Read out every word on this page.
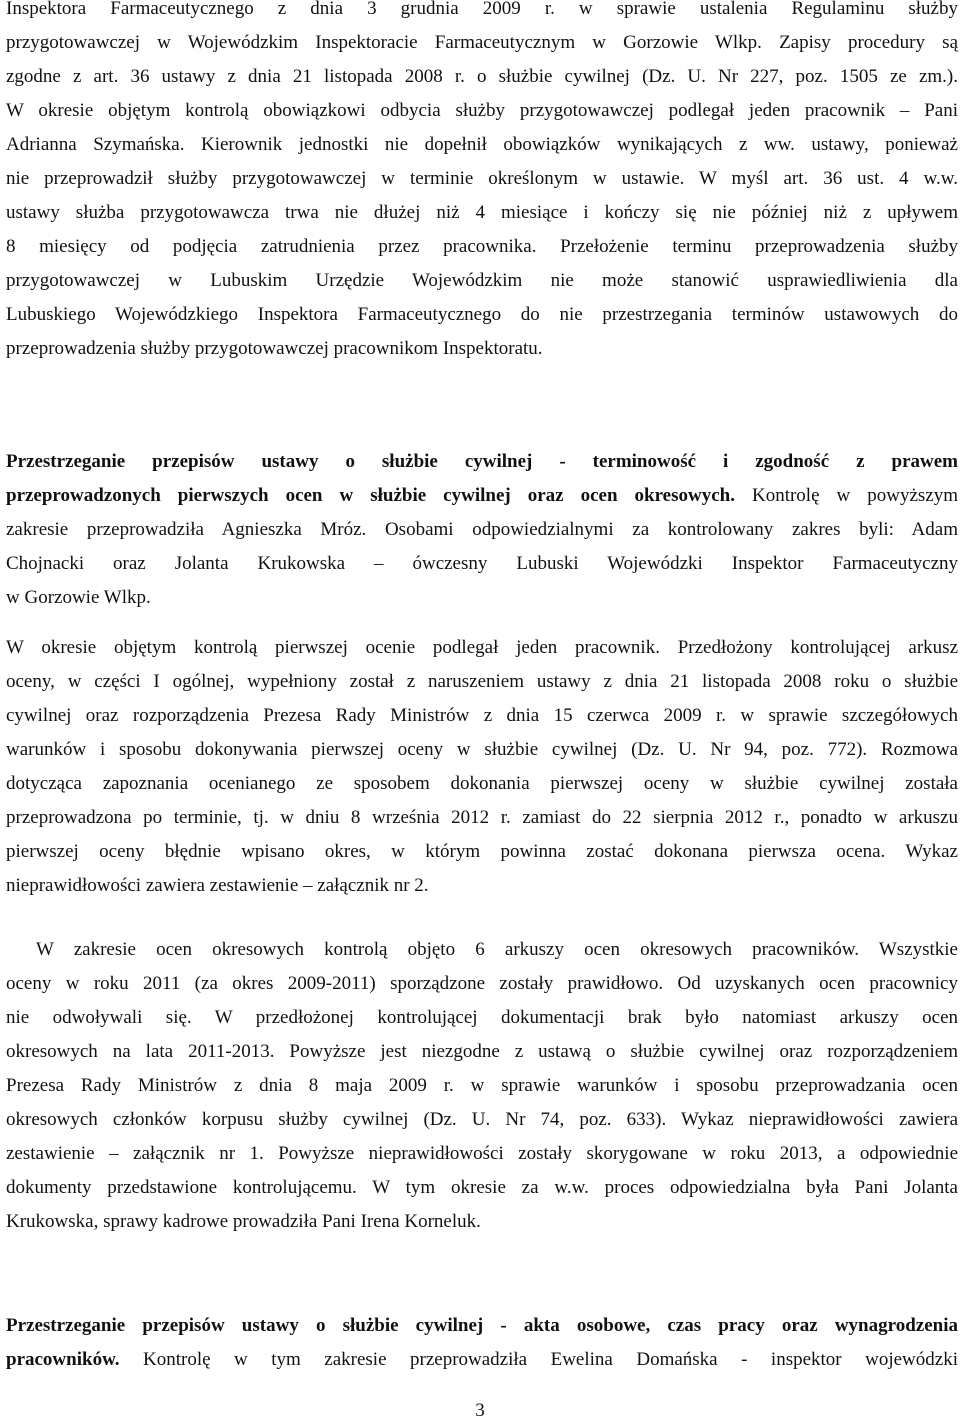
Inspektora Farmaceutycznego z dnia 3 grudnia 2009 r. w sprawie ustalenia Regulaminu służby
przygotowawczej w Wojewódzkim Inspektoracie Farmaceutycznym w Gorzowie Wlkp. Zapisy procedury są
zgodne z art. 36 ustawy z dnia 21 listopada 2008 r. o służbie cywilnej (Dz. U. Nr 227, poz. 1505 ze zm.).
W okresie objętym kontrolą obowiązkowi odbycia służby przygotowawczej podlegał jeden pracownik – Pani
Adrianna Szymańska. Kierownik jednostki nie dopełnił obowiązków wynikających z ww. ustawy, ponieważ
nie przeprowadził służby przygotowawczej w terminie określonym w ustawie. W myśl art. 36 ust. 4 w.w.
ustawy służba przygotowawcza trwa nie dłużej niż 4 miesiące i kończy się nie później niż z upływem
8 miesięcy od podjęcia zatrudnienia przez pracownika. Przełożenie terminu przeprowadzenia służby
przygotowawczej w Lubuskim Urzędzie Wojewódzkim nie może stanowić usprawiedliwienia dla
Lubuskiego Wojewódzkiego Inspektora Farmaceutycznego do nie przestrzegania terminów ustawowych do
przeprowadzenia służby przygotowawczej pracownikom Inspektoratu.
Przestrzeganie przepisów ustawy o służbie cywilnej - terminowość i zgodność z prawem
przeprowadzonych pierwszych ocen w służbie cywilnej oraz ocen okresowych. Kontrolę w powyższym
zakresie przeprowadziła Agnieszka Mróz. Osobami odpowiedzialnymi za kontrolowany zakres byli: Adam
Chojnacki oraz Jolanta Krukowska – ówczesny Lubuski Wojewódzki Inspektor Farmaceutyczny
w Gorzowie Wlkp.
W okresie objętym kontrolą pierwszej ocenie podlegał jeden pracownik. Przedłożony kontrolującej arkusz
oceny, w części I ogólnej, wypełniony został z naruszeniem ustawy z dnia 21 listopada 2008 roku o służbie
cywilnej oraz rozporządzenia Prezesa Rady Ministrów z dnia 15 czerwca 2009 r. w sprawie szczegółowych
warunków i sposobu dokonywania pierwszej oceny w służbie cywilnej (Dz. U. Nr 94, poz. 772). Rozmowa
dotycząca zapoznania ocenianego ze sposobem dokonania pierwszej oceny w służbie cywilnej została
przeprowadzona po terminie, tj. w dniu 8 września 2012 r. zamiast do 22 sierpnia 2012 r., ponadto w arkuszu
pierwszej oceny błędnie wpisano okres, w którym powinna zostać dokonana pierwsza ocena. Wykaz
nieprawidłowości zawiera zestawienie – załącznik nr 2.
W zakresie ocen okresowych kontrolą objęto 6 arkuszy ocen okresowych pracowników. Wszystkie
oceny w roku 2011 (za okres 2009-2011) sporządzone zostały prawidłowo. Od uzyskanych ocen pracownicy
nie odwoływali się. W przedłożonej kontrolującej dokumentacji brak było natomiast arkuszy ocen
okresowych na lata 2011-2013. Powyższe jest niezgodne z ustawą o służbie cywilnej oraz rozporządzeniem
Prezesa Rady Ministrów z dnia 8 maja 2009 r. w sprawie warunków i sposobu przeprowadzania ocen
okresowych członków korpusu służby cywilnej (Dz. U. Nr 74, poz. 633). Wykaz nieprawidłowości zawiera
zestawienie – załącznik nr 1. Powyższe nieprawidłowości zostały skorygowane w roku 2013, a odpowiednie
dokumenty przedstawione kontrolującemu. W tym okresie za w.w. proces odpowiedzialna była Pani Jolanta
Krukowska, sprawy kadrowe prowadziła Pani Irena Korneluk.
Przestrzeganie przepisów ustawy o służbie cywilnej - akta osobowe, czas pracy oraz wynagrodzenia
pracowników. Kontrolę w tym zakresie przeprowadziła Ewelina Domańska - inspektor wojewódzki
3
